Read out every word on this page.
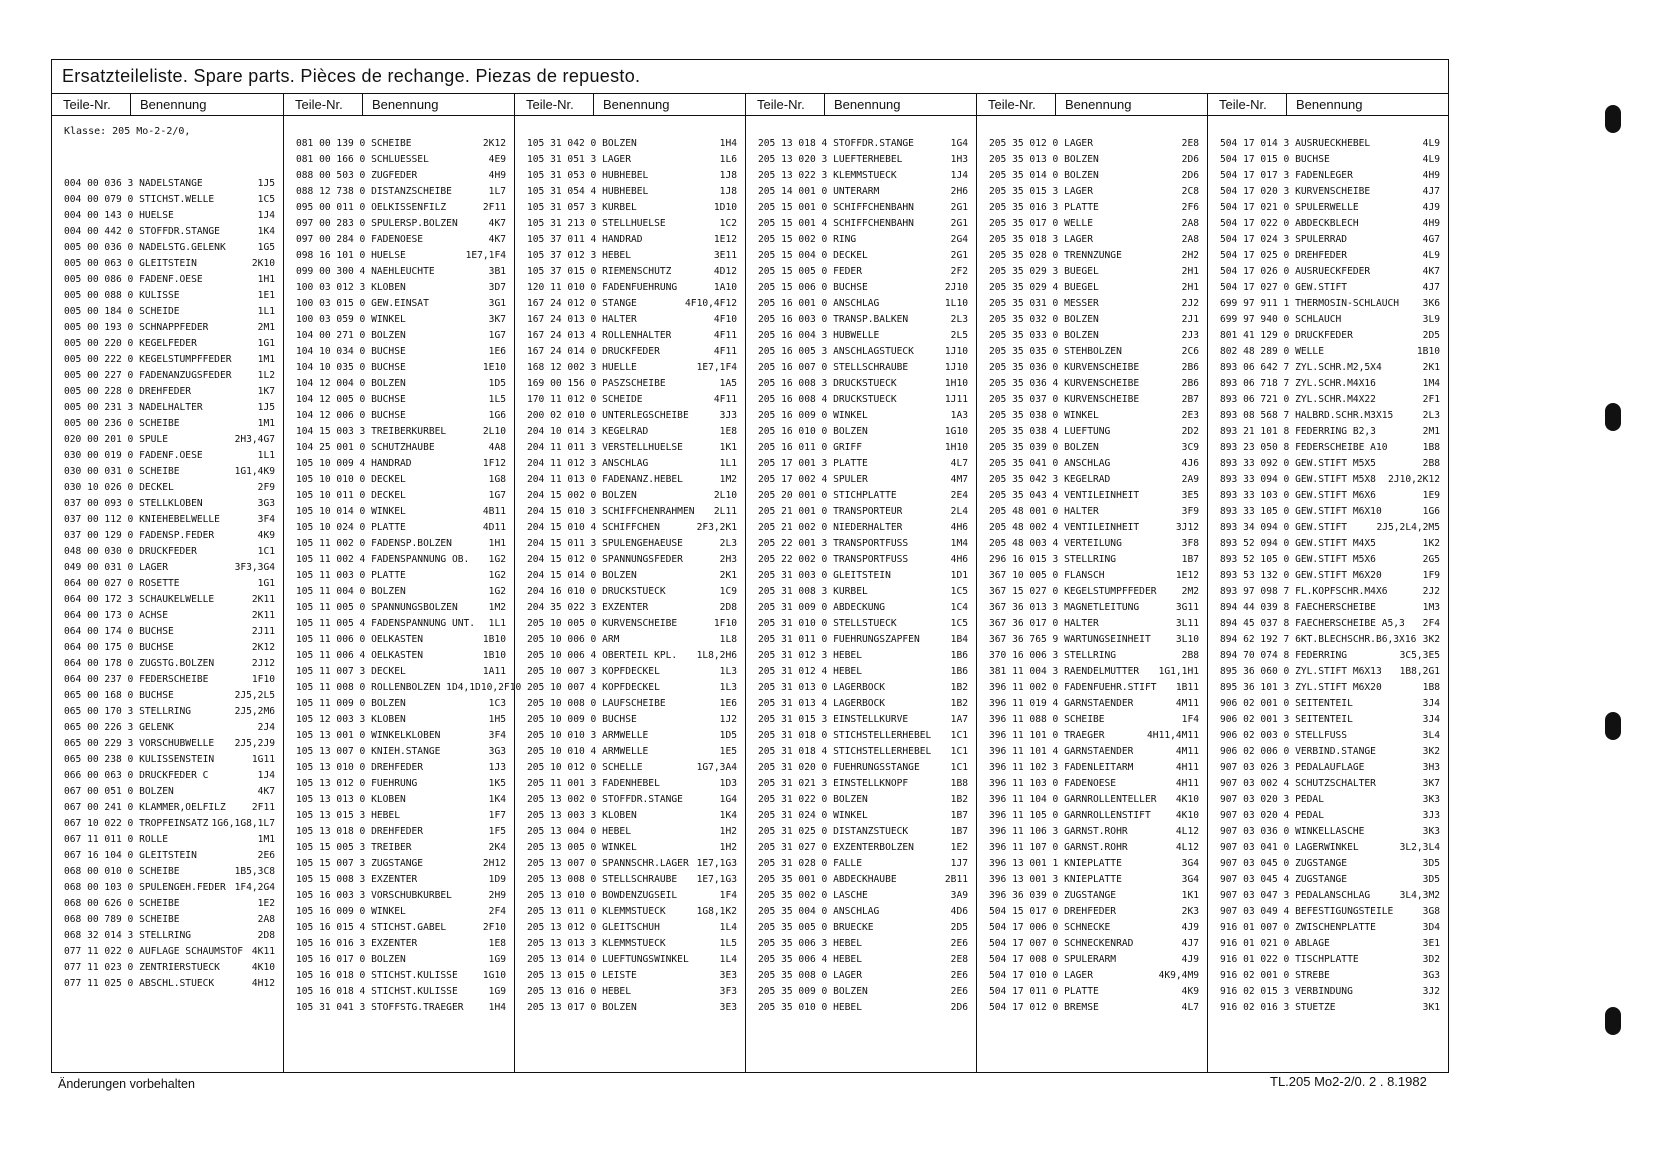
Ersatzteileliste. Spare parts. Pièces de rechange. Piezas de repuesto.
Teile-Nr. Benennung
Klasse: 205 Mo-2-2/0,
004 00 036 3 NADELSTANGE	1J5
004 00 079 0 STICHST.WELLE	1C5
004 00 143 0 HUELSE	1J4
004 00 442 0 STOFFDR.STANGE	1K4
005 00 036 0 NADELSTG.GELENK	1G5
005 00 063 0 GLEITSTEIN	2K10
005 00 086 0 FADENF.OESE	1H1
005 00 088 0 KULISSE	1E1
005 00 184 0 SCHEIDE	1L1
005 00 193 0 SCHNAPPFEDER	2M1
005 00 220 0 KEGELFEDER	1G1
005 00 222 0 KEGELSTUMPFFEDER	1M1
005 00 227 0 FADENANZUGSFEDER	1L2
005 00 228 0 DREHFEDER	1K7
005 00 231 3 NADELHALTER	1J5
005 00 236 0 SCHEIBE	1M1
020 00 201 0 SPULE	2H3,4G7
030 00 019 0 FADENF.OESE	1L1
030 00 031 0 SCHEIBE	1G1,4K9
030 10 026 0 DECKEL	2F9
037 00 093 0 STELLKLOBEN	3G3
037 00 112 0 KNIEHEBELWELLE	3F4
037 00 129 0 FADENSP.FEDER	4K9
048 00 030 0 DRUCKFEDER	1C1
049 00 031 0 LAGER	3F3,3G4
064 00 027 0 ROSETTE	1G1
064 00 172 3 SCHAUKELWELLE	2K11
064 00 173 0 ACHSE	2K11
064 00 174 0 BUCHSE	2J11
064 00 175 0 BUCHSE	2K12
064 00 178 0 ZUGSTG.BOLZEN	2J12
064 00 237 0 FEDERSCHEIBE	1F10
065 00 168 0 BUCHSE	2J5,2L5
065 00 170 3 STELLRING	2J5,2M6
065 00 226 3 GELENK	2J4
065 00 229 3 VORSCHUBWELLE 2J5,2J9
065 00 238 0 KULISSENSTEIN	1G11
066 00 063 0 DRUCKFEDER C	1J4
067 00 051 0 BOLZEN	4K7
067 00 241 0 KLAMMER,OELFILZ	2F11
067 10 022 0 TROPFEINSATZ 1G6,1G8,1L7
067 11 011 0 ROLLE	1M1
067 16 104 0 GLEITSTEIN	2E6
068 00 010 0 SCHEIBE	1B5,3C8
068 00 103 0 SPULENGEH.FEDER 1F4,2G4
068 00 626 0 SCHEIBE	1E2
068 00 789 0 SCHEIBE	2A8
068 32 014 3 STELLRING	2D8
077 11 022 0 AUFLAGE SCHAUMSTOF 4K11
077 11 023 0 ZENTRIERSTUECK	4K10
077 11 025 0 ABSCHL.STUECK	4H12
Teile-Nr. Benennung
081 00 139 0 SCHEIBE	2K12
081 00 166 0 SCHLUESSEL	4E9
088 00 503 0 ZUGFEDER	4H9
088 12 738 0 DISTANZSCHEIBE	1L7
095 00 011 0 OELKISSENFILZ	2F11
097 00 283 0 SPULERSP.BOLZEN	4K7
097 00 284 0 FADENOESE	4K7
098 16 101 0 HUELSE	1E7,1F4
099 00 300 4 NAEHLEUCHTE	3B1
100 03 012 3 KLOBEN	3D7
100 03 015 0 GEW.EINSAT	3G1
100 03 059 0 WINKEL	3K7
104 00 271 0 BOLZEN	1G7
104 10 034 0 BUCHSE	1E6
104 10 035 0 BUCHSE	1E10
104 12 004 0 BOLZEN	1D5
104 12 005 0 BUCHSE	1L5
104 12 006 0 BUCHSE	1G6
104 15 003 3 TREIBERKURBEL	2L10
104 25 001 0 SCHUTZHAUBE	4A8
105 10 009 4 HANDRAD	1F12
105 10 010 0 DECKEL	1G8
105 10 011 0 DECKEL	1G7
105 10 014 0 WINKEL	4B11
105 10 024 0 PLATTE	4D11
105 11 002 0 FADENSP.BOLZEN	1H1
105 11 002 4 FADENSPANNUNG OB. 1G2
105 11 003 0 PLATTE	1G2
105 11 004 0 BOLZEN	1G2
105 11 005 0 SPANNUNGSBOLZEN	1M2
105 11 005 4 FADENSPANNUNG UNT. 1L1
105 11 006 0 OELKASTEN	1B10
105 11 006 4 OELKASTEN	1B10
105 11 007 3 DECKEL	1A11
105 11 008 0 ROLLENBOLZEN 1D4,1D10,2F10
105 11 009 0 BOLZEN	1C3
105 12 003 3 KLOBEN	1H5
105 13 001 0 WINKELKLOBEN	3F4
105 13 007 0 KNIEH.STANGE	3G3
105 13 010 0 DREHFEDER	1J3
105 13 012 0 FUEHRUNG	1K5
105 13 013 0 KLOBEN	1K4
105 13 015 3 HEBEL	1F7
105 13 018 0 DREHFEDER	1F5
105 15 005 3 TREIBER	2K4
105 15 007 3 ZUGSTANGE	2H12
105 15 008 3 EXZENTER	1D9
105 16 003 3 VORSCHUBKURBEL	2H9
105 16 009 0 WINKEL	2F4
105 16 015 4 STICHST.GABEL	2F10
105 16 016 3 EXZENTER	1E8
105 16 017 0 BOLZEN	1G9
105 16 018 0 STICHST.KULISSE	1G10
105 16 018 4 STICHST.KULISSE	1G9
105 31 041 3 STOFFSTG.TRAEGER	1H4
Teile-Nr. Benennung
105 31 042 0 BOLZEN	1H4
105 31 051 3 LAGER	1L6
105 31 053 0 HUBHEBEL	1J8
105 31 054 4 HUBHEBEL	1J8
105 31 057 3 KURBEL	1D10
105 31 213 0 STELLHUELSE	1C2
105 37 011 4 HANDRAD	1E12
105 37 012 3 HEBEL	3E11
105 37 015 0 RIEMENSCHUTZ	4D12
120 11 010 0 FADENFUEHRUNG	1A10
167 24 012 0 STANGE	4F10,4F12
167 24 013 0 HALTER	4F10
167 24 013 4 ROLLENHALTER	4F11
167 24 014 0 DRUCKFEDER	4F11
168 12 002 3 HUELLE	1E7,1F4
169 00 156 0 PASZSCHEIBE	1A5
170 11 012 0 SCHEIDE	4F11
200 02 010 0 UNTERLEGSCHEIBE	3J3
204 10 014 3 KEGELRAD	1E8
204 11 011 3 VERSTELLHUELSE	1K1
204 11 012 3 ANSCHLAG	1L1
204 11 013 0 FADENANZ.HEBEL	1M2
204 15 002 0 BOLZEN	2L10
204 15 010 3 SCHIFFCHENRAHMEN 2L11
204 15 010 4 SCHIFFCHEN	2F3,2K1
204 15 011 3 SPULENGEHAEUSE	2L3
204 15 012 0 SPANNUNGSFEDER	2H3
204 15 014 0 BOLZEN	2K1
204 16 010 0 DRUCKSTUECK	1C9
204 35 022 3 EXZENTER	2D8
205 10 005 0 KURVENSCHEIBE	1F10
205 10 006 0 ARM	1L8
205 10 006 4 OBERTEIL KPL. 1L8,2H6
205 10 007 3 KOPFDECKEL	1L3
205 10 007 4 KOPFDECKEL	1L3
205 10 008 0 LAUFSCHEIBE	1E6
205 10 009 0 BUCHSE	1J2
205 10 010 3 ARMWELLE	1D5
205 10 010 4 ARMWELLE	1E5
205 10 012 0 SCHELLE	1G7,3A4
205 11 001 3 FADENHEBEL	1D3
205 13 002 0 STOFFDR.STANGE	1G4
205 13 003 3 KLOBEN	1K4
205 13 004 0 HEBEL	1H2
205 13 005 0 WINKEL	1H2
205 13 007 0 SPANNSCHR.LAGER 1E7,1G3
205 13 008 0 STELLSCHRAUBE 1E7,1G3
205 13 010 0 BOWDENZUGSEIL	1F4
205 13 011 0 KLEMMSTUECK	1G8,1K2
205 13 012 0 GLEITSCHUH	1L4
205 13 013 3 KLEMMSTUECK	1L5
205 13 014 0 LUEFTUNGSWINKEL	1L4
205 13 015 0 LEISTE	3E3
205 13 016 0 HEBEL	3F3
205 13 017 0 BOLZEN	3E3
Teile-Nr. Benennung
205 13 018 4 STOFFDR.STANGE	1G4
205 13 020 3 LUEFTERHEBEL	1H3
205 13 022 3 KLEMMSTUECK	1J4
205 14 001 0 UNTERARM	2H6
205 15 001 0 SCHIFFCHENBAHN	2G1
205 15 001 4 SCHIFFCHENBAHN	2G1
205 15 002 0 RING	2G4
205 15 004 0 DECKEL	2G1
205 15 005 0 FEDER	2F2
205 15 006 0 BUCHSE	2J10
205 16 001 0 ANSCHLAG	1L10
205 16 003 0 TRANSP.BALKEN	2L3
205 16 004 3 HUBWELLE	2L5
205 16 005 3 ANSCHLAGSTUECK	1J10
205 16 007 0 STELLSCHRAUBE	1J10
205 16 008 3 DRUCKSTUECK	1H10
205 16 008 4 DRUCKSTUECK	1J11
205 16 009 0 WINKEL	1A3
205 16 010 0 BOLZEN	1G10
205 16 011 0 GRIFF	1H10
205 17 001 3 PLATTE	4L7
205 17 002 4 SPULER	4M7
205 20 001 0 STICHPLATTE	2E4
205 21 001 0 TRANSPORTEUR	2L4
205 21 002 0 NIEDERHALTER	4H6
205 22 001 3 TRANSPORTFUSS	1M4
205 22 002 0 TRANSPORTFUSS	4H6
205 31 003 0 GLEITSTEIN	1D1
205 31 008 3 KURBEL	1C5
205 31 009 0 ABDECKUNG	1C4
205 31 010 0 STELLSTUECK	1C5
205 31 011 0 FUEHRUNGSZAPFEN	1B4
205 31 012 3 HEBEL	1B6
205 31 012 4 HEBEL	1B6
205 31 013 0 LAGERBOCK	1B2
205 31 013 4 LAGERBOCK	1B2
205 31 015 3 EINSTELLKURVE	1A7
205 31 018 0 STICHSTELLERHEBEL 1C1
205 31 018 4 STICHSTELLERHEBEL 1C1
205 31 020 0 FUEHRUNGSSTANGE	1C1
205 31 021 3 EINSTELLKNOPF	1B8
205 31 022 0 BOLZEN	1B2
205 31 024 0 WINKEL	1B7
205 31 025 0 DISTANZSTUECK	1B7
205 31 027 0 EXZENTERBOLZEN	1E2
205 31 028 0 FALLE	1J7
205 35 001 0 ABDECKHAUBE	2B11
205 35 002 0 LASCHE	3A9
205 35 004 0 ANSCHLAG	4D6
205 35 005 0 BRUECKE	2D5
205 35 006 3 HEBEL	2E6
205 35 006 4 HEBEL	2E8
205 35 008 0 LAGER	2E6
205 35 009 0 BOLZEN	2E6
205 35 010 0 HEBEL	2D6
Teile-Nr. Benennung
205 35 012 0 LAGER	2E8
205 35 013 0 BOLZEN	2D6
205 35 014 0 BOLZEN	2D6
205 35 015 3 LAGER	2C8
205 35 016 3 PLATTE	2F6
205 35 017 0 WELLE	2A8
205 35 018 3 LAGER	2A8
205 35 028 0 TRENNZUNGE	2H2
205 35 029 3 BUEGEL	2H1
205 35 029 4 BUEGEL	2H1
205 35 031 0 MESSER	2J2
205 35 032 0 BOLZEN	2J1
205 35 033 0 BOLZEN	2J3
205 35 035 0 STEHBOLZEN	2C6
205 35 036 0 KURVENSCHEIBE	2B6
205 35 036 4 KURVENSCHEIBE	2B6
205 35 037 0 KURVENSCHEIBE	2B7
205 35 038 0 WINKEL	2E3
205 35 038 4 LUEFTUNG	2D2
205 35 039 0 BOLZEN	3C9
205 35 041 0 ANSCHLAG	4J6
205 35 042 3 KEGELRAD	2A9
205 35 043 4 VENTILEINHEIT	3E5
205 48 001 0 HALTER	3F9
205 48 002 4 VENTILEINHEIT	3J12
205 48 003 4 VERTEILUNG	3F8
296 16 015 3 STELLRING	1B7
367 10 005 0 FLANSCH	1E12
367 15 027 0 KEGELSTUMPFFEDER	2M2
367 36 013 3 MAGNETLEITUNG	3G11
367 36 017 0 HALTER	3L11
367 36 765 9 WARTUNGSEINHEIT	3L10
370 16 006 3 STELLRING	2B8
381 11 004 3 RAENDELMUTTER 1G1,1H1
396 11 002 0 FADENFUEHR.STIFT 1B11
396 11 019 4 GARNSTAENDER	4M11
396 11 088 0 SCHEIBE	1F4
396 11 101 0 TRAEGER	4H11,4M11
396 11 101 4 GARNSTAENDER	4M11
396 11 102 3 FADENLEITARM	4H11
396 11 103 0 FADENOESE	4H11
396 11 104 0 GARNROLLENTELLER 4K10
396 11 105 0 GARNROLLENSTIFT	4K10
396 11 106 3 GARNST.ROHR	4L12
396 11 107 0 GARNST.ROHR	4L12
396 13 001 1 KNIEPLATTE	3G4
396 13 001 3 KNIEPLATTE	3G4
396 36 039 0 ZUGSTANGE	1K1
504 15 017 0 DREHFEDER	2K3
504 17 006 0 SCHNECKE	4J9
504 17 007 0 SCHNECKENRAD	4J7
504 17 008 0 SPULERARM	4J9
504 17 010 0 LAGER	4K9,4M9
504 17 011 0 PLATTE	4K9
504 17 012 0 BREMSE	4L7
Teile-Nr. Benennung
504 17 014 3 AUSRUECKHEBEL	4L9
504 17 015 0 BUCHSE	4L9
504 17 017 3 FADENLEGER	4H9
504 17 020 3 KURVENSCHEIBE	4J7
504 17 021 0 SPULERWELLE	4J9
504 17 022 0 ABDECKBLECH	4H9
504 17 024 3 SPULERRAD	4G7
504 17 025 0 DREHFEDER	4L9
504 17 026 0 AUSRUECKFEDER	4K7
504 17 027 0 GEW.STIFT	4J7
699 97 911 1 THERMOSIN-SCHLAUCH 3K6
699 97 940 0 SCHLAUCH	3L9
801 41 129 0 DRUCKFEDER	2D5
802 48 289 0 WELLE	1B10
893 06 642 7 ZYL.SCHR.M2,5X4	2K1
893 06 718 7 ZYL.SCHR.M4X16	1M4
893 06 721 0 ZYL.SCHR.M4X22	2F1
893 08 568 7 HALBRD.SCHR.M3X15	2L3
893 21 101 8 FEDERRING B2,3	2M1
893 23 050 8 FEDERSCHEIBE A10	1B8
893 33 092 0 GEW.STIFT M5X5	2B8
893 33 094 0 GEW.STIFT M5X8 2J10,2K12
893 33 103 0 GEW.STIFT M6X6	1E9
893 33 105 0 GEW.STIFT M6X10	1G6
893 34 094 0 GEW.STIFT	2J5,2L4,2M5
893 52 094 0 GEW.STIFT M4X5	1K2
893 52 105 0 GEW.STIFT M5X6	2G5
893 53 132 0 GEW.STIFT M6X20	1F9
893 97 098 7 FL.KOPFSCHR.M4X6	2J2
894 44 039 8 FAECHERSCHEIBE	1M3
894 45 037 8 FAECHERSCHEIBE A5,3 2F4
894 62 192 7 6KT.BLECHSCHR.B6,3X16 3K2
894 70 074 8 FEDERRING	3C5,3E5
895 36 060 0 ZYL.STIFT M6X13 1B8,2G1
895 36 101 3 ZYL.STIFT M6X20	1B8
906 02 001 0 SEITENTEIL	3J4
906 02 001 3 SEITENTEIL	3J4
906 02 003 0 STELLFUSS	3L4
906 02 006 0 VERBIND.STANGE	3K2
907 03 026 3 PEDALAUFLAGE	3H3
907 03 002 4 SCHUTZSCHALTER	3K7
907 03 020 3 PEDAL	3K3
907 03 020 4 PEDAL	3J3
907 03 036 0 WINKELLASCHE	3K3
907 03 041 0 LAGERWINKEL	3L2,3L4
907 03 045 0 ZUGSTANGE	3D5
907 03 045 4 ZUGSTANGE	3D5
907 03 047 3 PEDALANSCHLAG	3L4,3M2
907 03 049 4 BEFESTIGUNGSTEILE	3G8
916 01 007 0 ZWISCHENPLATTE	3D4
916 01 021 0 ABLAGE	3E1
916 01 022 0 TISCHPLATTE	3D2
916 02 001 0 STREBE	3G3
916 02 015 3 VERBINDUNG	3J2
916 02 016 3 STUETZE	3K1
Änderungen vorbehalten	TL.205 Mo2-2/0. 2 . 8.1982
